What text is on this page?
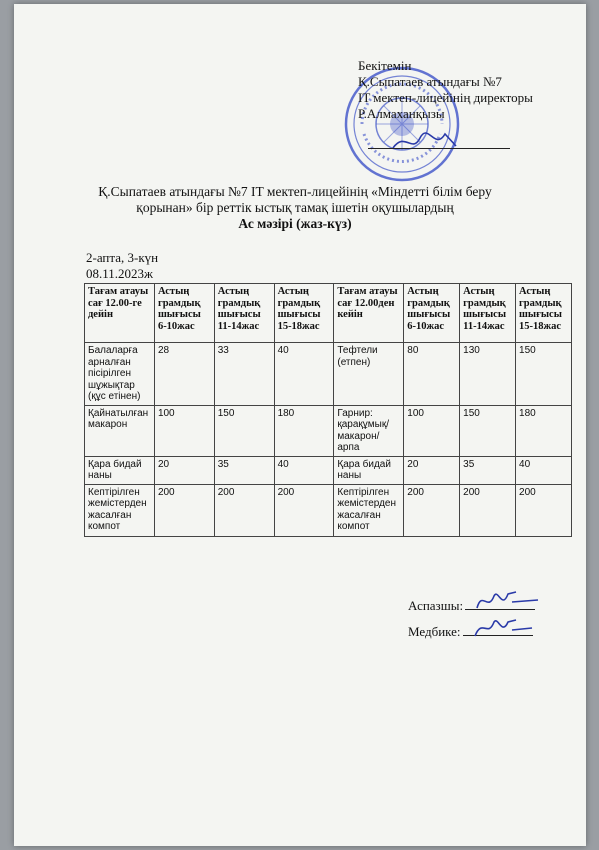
Бекітемін
Қ.Сыпатаев атындағы №7
IT мектеп-лицейінің директоры
Р.Алмаханқызы
Қ.Сыпатаев атындағы №7 IT мектеп-лицейінің «Міндетті білім беру
қорынан» бір реттік ыстық тамақ ішетін оқушылардың
Ас мәзірі (жаз-күз)
2-апта, 3-күн
08.11.2023ж
Тағам атауы сағ 12.00-ге дейін	Астың грамдық шығысы 6-10жас	Астың грамдық шығысы 11-14жас	Астың грамдық шығысы 15-18жас	Тағам атауы сағ 12.00ден кейін	Астың грамдық шығысы 6-10жас	Астың грамдық шығысы 11-14жас	Астың грамдық шығысы 15-18жас
Балаларға арналған пісірілген шұжықтар (құс етінен)	28	33	40	Тефтели (етпен)	80	130	150
Қайнатылған макарон	100	150	180	Гарнир: қарақұмық/ макарон/ арпа	100	150	180
Қара бидай наны	20	35	40	Қара бидай наны	20	35	40
Кептірілген жемістерден жасалған компот	200	200	200	Кептірілген жемістерден жасалған компот	200	200	200
Аспазшы:
Медбике:
